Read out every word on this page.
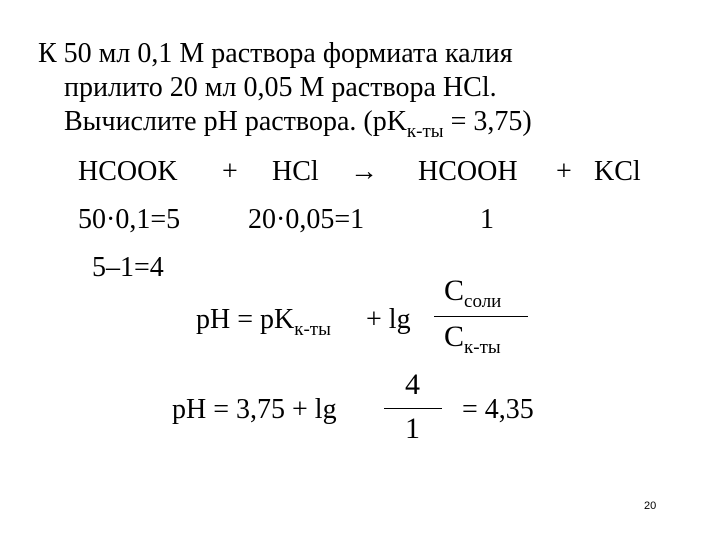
К 50 мл 0,1 М раствора формиата калия
прилито 20 мл 0,05 М раствора HCl.
Вычислите pH раствора. $(pK_{к-ты} = 3,75)$
HCOOK + HCl → HCOOH + KCl
50·0,1=5 20·0,05=1	1
5–1=4
pH = $pK_{к-ты} + \lg$
$С_{соли}$
$С_{к-ты}$
pH = 3,75 + lg
4
1
= 4,35
20
